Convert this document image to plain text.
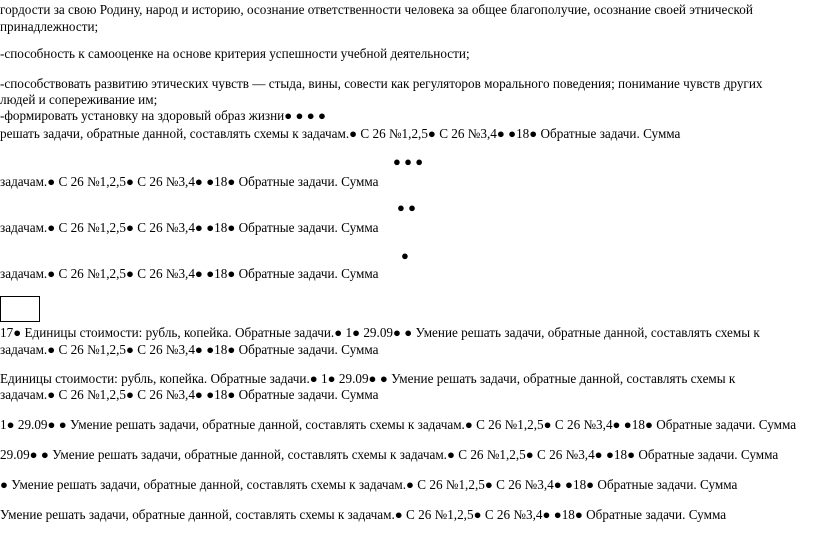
гордости за свою Родину, народ и историю, осознание ответственности человека за общее благополучие, осознание своей этнической
принадлежности;
-способность к самооценке на основе критерия успешности учебной деятельности;
-способствовать развитию этических чувств — стыда, вины, совести как регуляторов морального поведения; понимание чувств других
людей и сопереживание им;
-формировать установку на здоровый образ жизни● ● ● ●
решать задачи, обратные данной, составлять схемы к задачам.● С 26 №1,2,5● С 26 №3,4● ●18● Обратные задачи. Сумма
● ● ●
задачам.● С 26 №1,2,5● С 26 №3,4● ●18● Обратные задачи. Сумма
● ●
задачам.● С 26 №1,2,5● С 26 №3,4● ●18● Обратные задачи. Сумма
●
задачам.● С 26 №1,2,5● С 26 №3,4● ●18● Обратные задачи. Сумма
17● Единицы стоимости: рубль, копейка. Обратные задачи.● 1● 29.09● ● Умение решать задачи, обратные данной, составлять схемы к
задачам.● С 26 №1,2,5● С 26 №3,4● ●18● Обратные задачи. Сумма
Единицы стоимости: рубль, копейка. Обратные задачи.● 1● 29.09● ● Умение решать задачи, обратные данной, составлять схемы к
задачам.● С 26 №1,2,5● С 26 №3,4● ●18● Обратные задачи. Сумма
1● 29.09● ● Умение решать задачи, обратные данной, составлять схемы к задачам.● С 26 №1,2,5● С 26 №3,4● ●18● Обратные задачи. Сумма
29.09● ● Умение решать задачи, обратные данной, составлять схемы к задачам.● С 26 №1,2,5● С 26 №3,4● ●18● Обратные задачи. Сумма
● Умение решать задачи, обратные данной, составлять схемы к задачам.● С 26 №1,2,5● С 26 №3,4● ●18● Обратные задачи. Сумма
Умение решать задачи, обратные данной, составлять схемы к задачам.● С 26 №1,2,5● С 26 №3,4● ●18● Обратные задачи. Сумма
